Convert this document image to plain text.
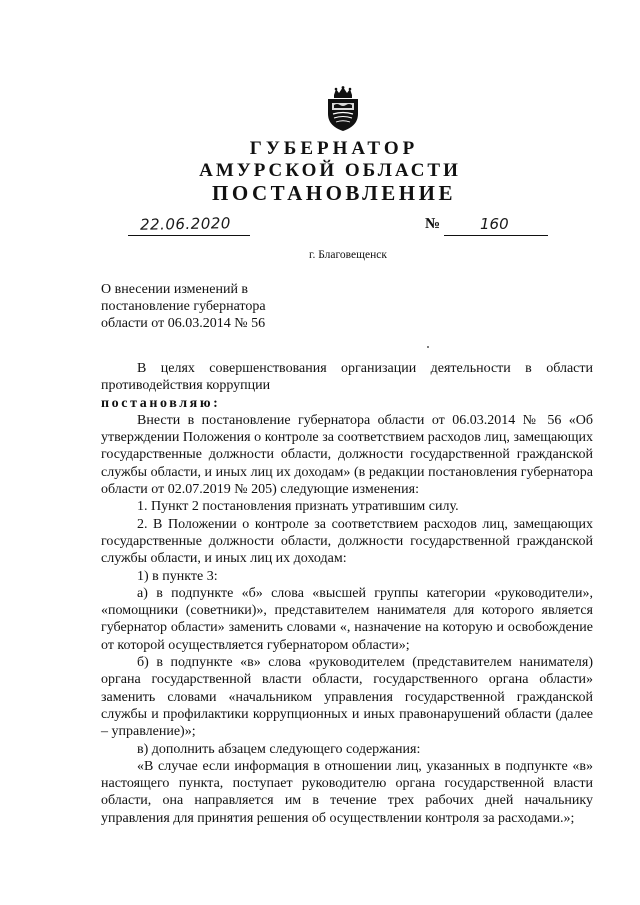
ГУБЕРНАТОР
АМУРСКОЙ ОБЛАСТИ
ПОСТАНОВЛЕНИЕ
22.06.2020	№	160
г. Благовещенск
О внесении изменений в
постановление губернатора
области от 06.03.2014 № 56

В целях совершенствования организации деятельности в области противодействия коррупции

постановляю:

Внести в постановление губернатора области от 06.03.2014 № 56 «Об утверждении Положения о контроле за соответствием расходов лиц, замещающих государственные должности области, должности государственной гражданской службы области, и иных лиц их доходам» (в редакции постановления губернатора области от 02.07.2019 № 205) следующие изменения:

1. Пункт 2 постановления признать утратившим силу.

2. В Положении о контроле за соответствием расходов лиц, замещающих государственные должности области, должности государственной гражданской службы области, и иных лиц их доходам:

1) в пункте 3:

а) в подпункте «б» слова «высшей группы категории «руководители», «помощники (советники)», представителем нанимателя для которого является губернатор области» заменить словами «, назначение на которую и освобождение от которой осуществляется губернатором области»;

б) в подпункте «в» слова «руководителем (представителем нанимателя) органа государственной власти области, государственного органа области» заменить словами «начальником управления государственной гражданской службы и профилактики коррупционных и иных правонарушений области (далее – управление)»;

в) дополнить абзацем следующего содержания:

«В случае если информация в отношении лиц, указанных в подпункте «в» настоящего пункта, поступает руководителю органа государственной власти области, она направляется им в течение трех рабочих дней начальнику управления для принятия решения об осуществлении контроля за расходами.»;
